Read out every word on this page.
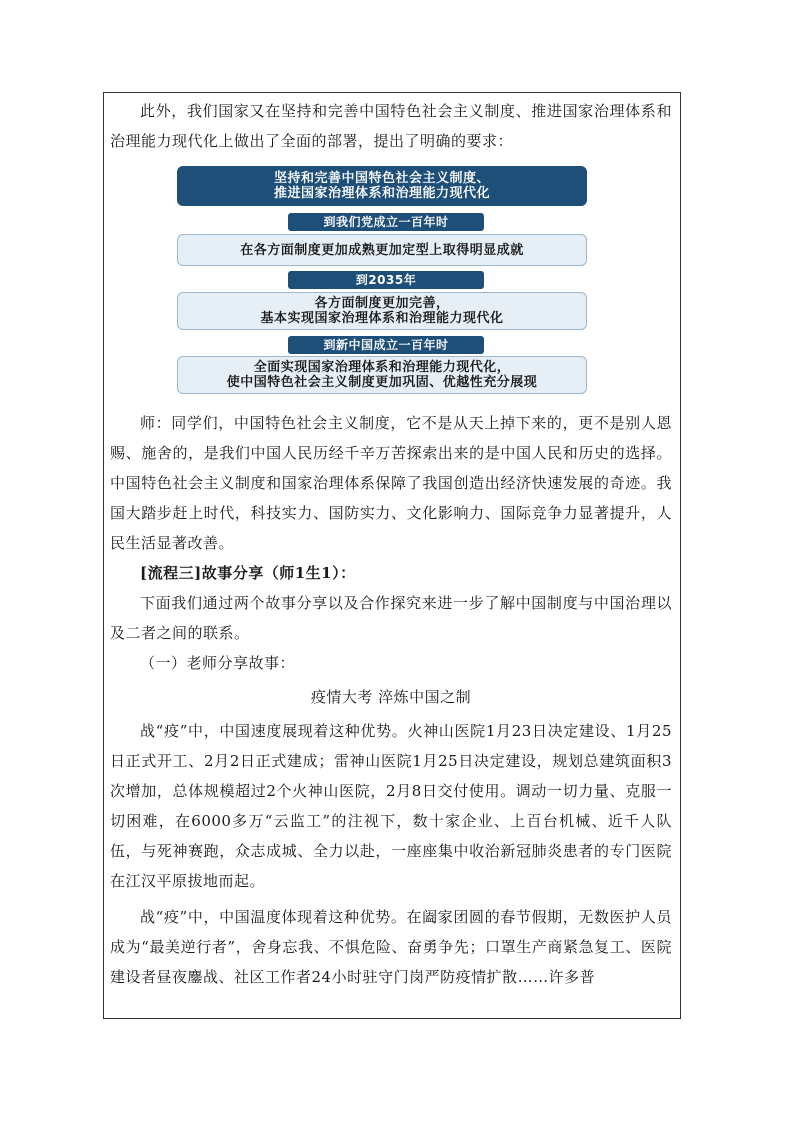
此外，我们国家又在坚持和完善中国特色社会主义制度、推进国家治理体系和治理能力现代化上做出了全面的部署，提出了明确的要求：

坚持和完善中国特色社会主义制度、
推进国家治理体系和治理能力现代化
到我们党成立一百年时
在各方面制度更加成熟更加定型上取得明显成就
到2035年
各方面制度更加完善，
基本实现国家治理体系和治理能力现代化
到新中国成立一百年时
全面实现国家治理体系和治理能力现代化，
使中国特色社会主义制度更加巩固、优越性充分展现

师：同学们，中国特色社会主义制度，它不是从天上掉下来的，更不是别人恩赐、施舍的，是我们中国人民历经千辛万苦探索出来的是中国人民和历史的选择。中国特色社会主义制度和国家治理体系保障了我国创造出经济快速发展的奇迹。我国大踏步赶上时代，科技实力、国防实力、文化影响力、国际竞争力显著提升，人民生活显著改善。

[流程三]故事分享（师1生1）：

下面我们通过两个故事分享以及合作探究来进一步了解中国制度与中国治理以及二者之间的联系。

（一）老师分享故事：

疫情大考 淬炼中国之制

战“疫”中，中国速度展现着这种优势。火神山医院1月23日决定建设、1月25日正式开工、2月2日正式建成；雷神山医院1月25日决定建设，规划总建筑面积3次增加，总体规模超过2个火神山医院，2月8日交付使用。调动一切力量、克服一切困难，在6000多万“云监工”的注视下，数十家企业、上百台机械、近千人队伍，与死神赛跑，众志成城、全力以赴，一座座集中收治新冠肺炎患者的专门医院在江汉平原拔地而起。

战“疫”中，中国温度体现着这种优势。在阖家团圆的春节假期，无数医护人员成为“最美逆行者”，舍身忘我、不惧危险、奋勇争先；口罩生产商紧急复工、医院建设者昼夜鏖战、社区工作者24小时驻守门岗严防疫情扩散……许多普
